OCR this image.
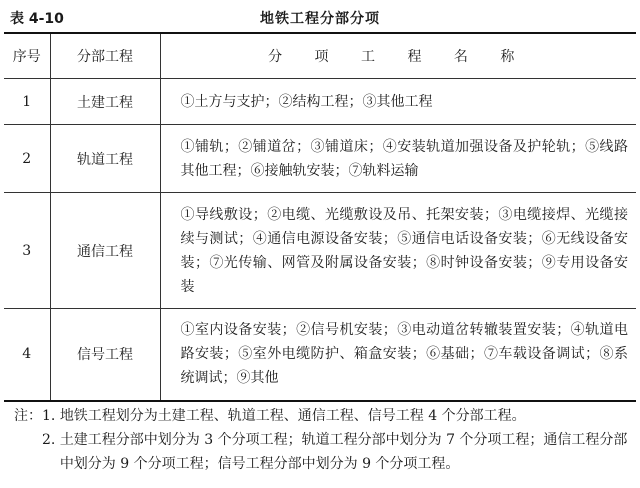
表 4-10	地铁工程分部分项
序号	分部工程	分 项 工 程 名 称
1	土建工程	①土方与支护；②结构工程；③其他工程
2	轨道工程	①铺轨；②铺道岔；③铺道床；④安装轨道加强设备及护轮轨；⑤线路其他工程；⑥接触轨安装；⑦轨料运输
3	通信工程	①导线敷设；②电缆、光缆敷设及吊、托架安装；③电缆接焊、光缆接续与测试；④通信电源设备安装；⑤通信电话设备安装；⑥无线设备安装；⑦光传输、网管及附属设备安装；⑧时钟设备安装；⑨专用设备安装
4	信号工程	①室内设备安装；②信号机安装；③电动道岔转辙装置安装；④轨道电路安装；⑤室外电缆防护、箱盒安装；⑥基础；⑦车载设备调试；⑧系统调试；⑨其他
注：1. 地铁工程划分为土建工程、轨道工程、通信工程、信号工程 4 个分部工程。
2. 土建工程分部中划分为 3 个分项工程；轨道工程分部中划分为 7 个分项工程；通信工程分部中划分为 9 个分项工程；信号工程分部中划分为 9 个分项工程。
